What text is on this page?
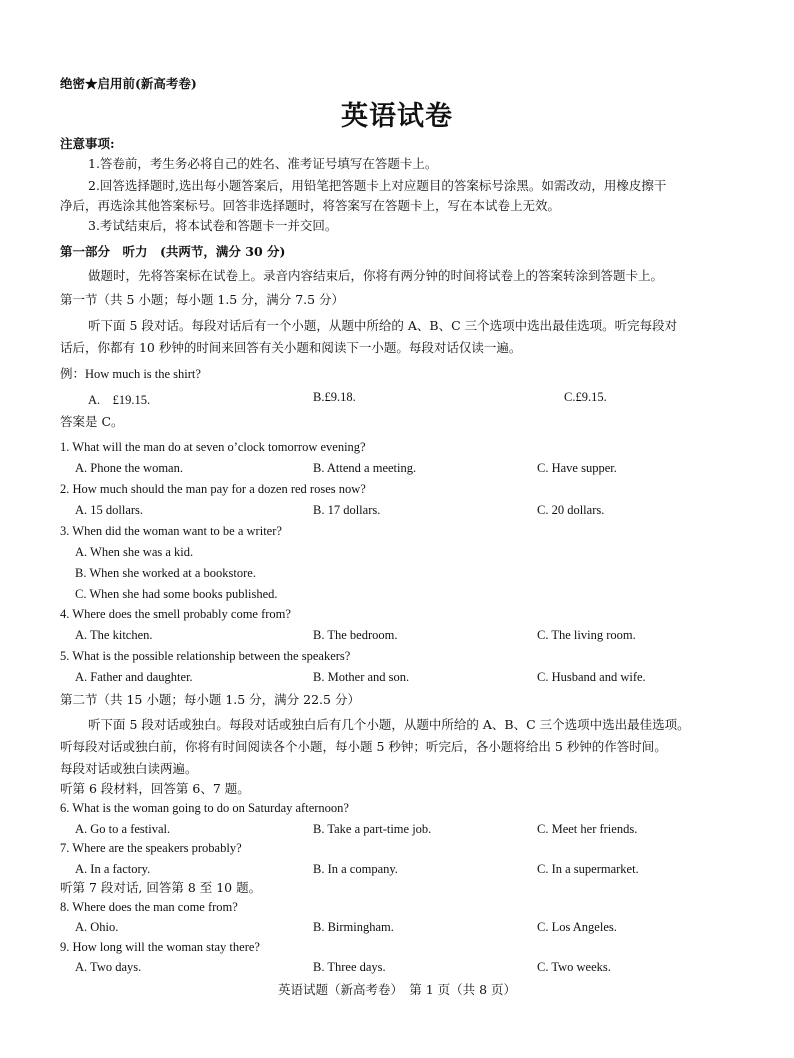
绝密★启用前(新高考卷)
英语试卷
注意事项:
1.答卷前，考生务必将自己的姓名、准考证号填写在答题卡上。
2.回答选择题时,选出每小题答案后，用铅笔把答题卡上对应题目的答案标号涂黑。如需改动，用橡皮擦干
净后，再选涂其他答案标号。回答非选择题时，将答案写在答题卡上，写在本试卷上无效。
3.考试结束后，将本试卷和答题卡一并交回。
第一部分　听力　(共两节，满分 30 分)
做题时，先将答案标在试卷上。录音内容结束后，你将有两分钟的时间将试卷上的答案转涂到答题卡上。
第一节（共 5 小题；每小题 1.5 分，满分 7.5 分）
听下面 5 段对话。每段对话后有一个小题，从题中所给的 A、B、C 三个选项中选出最佳选项。听完每段对
话后，你都有 10 秒钟的时间来回答有关小题和阅读下一小题。每段对话仅读一遍。
例：How much is the shirt?
A.　£19.15.	B.£9.18.	C.£9.15.
答案是 C。
1. What will the man do at seven o’clock tomorrow evening?
A. Phone the woman.	B. Attend a meeting.	C. Have supper.
2. How much should the man pay for a dozen red roses now?
A. 15 dollars.	B. 17 dollars.	C. 20 dollars.
3. When did the woman want to be a writer?
A. When she was a kid.
B. When she worked at a bookstore.
C. When she had some books published.
4. Where does the smell probably come from?
A. The kitchen.	B. The bedroom.	C. The living room.
5. What is the possible relationship between the speakers?
A. Father and daughter.	B. Mother and son.	C. Husband and wife.
第二节（共 15 小题；每小题 1.5 分，满分 22.5 分）
听下面 5 段对话或独白。每段对话或独白后有几个小题，从题中所给的 A、B、C 三个选项中选出最佳选项。
听每段对话或独白前，你将有时间阅读各个小题，每小题 5 秒钟；听完后，各小题将给出 5 秒钟的作答时间。
每段对话或独白读两遍。
听第 6 段材料，回答第 6、7 题。
6. What is the woman going to do on Saturday afternoon?
A. Go to a festival.	B. Take a part-time job.	C. Meet her friends.
7. Where are the speakers probably?
A. In a factory.	B. In a company.	C. In a supermarket.
听第 7 段对话, 回答第 8 至 10 题。
8. Where does the man come from?
A. Ohio.	B. Birmingham.	C. Los Angeles.
9. How long will the woman stay there?
A. Two days.	B. Three days.	C. Two weeks.
英语试题（新高考卷）　第 1 页（共 8 页）
